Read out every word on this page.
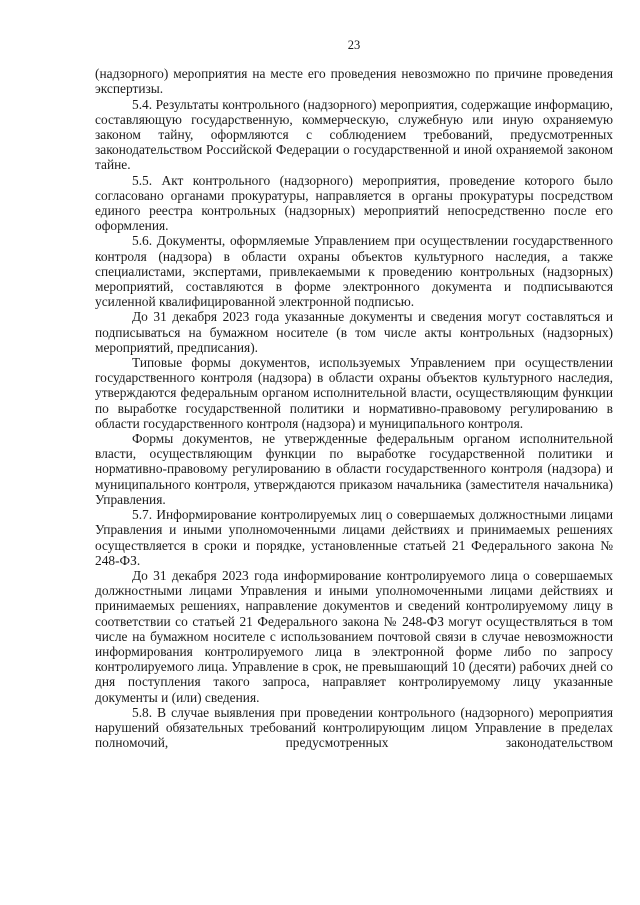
23

(надзорного) мероприятия на месте его проведения невозможно по причине проведения экспертизы.

5.4. Результаты контрольного (надзорного) мероприятия, содержащие информацию, составляющую государственную, коммерческую, служебную или иную охраняемую законом тайну, оформляются с соблюдением требований, предусмотренных законодательством Российской Федерации о государственной и иной охраняемой законом тайне.

5.5. Акт контрольного (надзорного) мероприятия, проведение которого было согласовано органами прокуратуры, направляется в органы прокуратуры посредством единого реестра контрольных (надзорных) мероприятий непосредственно после его оформления.

5.6. Документы, оформляемые Управлением при осуществлении государственного контроля (надзора) в области охраны объектов культурного наследия, а также специалистами, экспертами, привлекаемыми к проведению контрольных (надзорных) мероприятий, составляются в форме электронного документа и подписываются усиленной квалифицированной электронной подписью.

До 31 декабря 2023 года указанные документы и сведения могут составляться и подписываться на бумажном носителе (в том числе акты контрольных (надзорных) мероприятий, предписания).

Типовые формы документов, используемых Управлением при осуществлении государственного контроля (надзора) в области охраны объектов культурного наследия, утверждаются федеральным органом исполнительной власти, осуществляющим функции по выработке государственной политики и нормативно-правовому регулированию в области государственного контроля (надзора) и муниципального контроля.

Формы документов, не утвержденные федеральным органом исполнительной власти, осуществляющим функции по выработке государственной политики и нормативно-правовому регулированию в области государственного контроля (надзора) и муниципального контроля, утверждаются приказом начальника (заместителя начальника) Управления.

5.7. Информирование контролируемых лиц о совершаемых должностными лицами Управления и иными уполномоченными лицами действиях и принимаемых решениях осуществляется в сроки и порядке, установленные статьей 21 Федерального закона № 248-ФЗ.

До 31 декабря 2023 года информирование контролируемого лица о совершаемых должностными лицами Управления и иными уполномоченными лицами действиях и принимаемых решениях, направление документов и сведений контролируемому лицу в соответствии со статьей 21 Федерального закона № 248-ФЗ могут осуществляться в том числе на бумажном носителе с использованием почтовой связи в случае невозможности информирования контролируемого лица в электронной форме либо по запросу контролируемого лица. Управление в срок, не превышающий 10 (десяти) рабочих дней со дня поступления такого запроса, направляет контролируемому лицу указанные документы и (или) сведения.

5.8. В случае выявления при проведении контрольного (надзорного) мероприятия нарушений обязательных требований контролирующим лицом Управление в пределах полномочий, предусмотренных законодательством
